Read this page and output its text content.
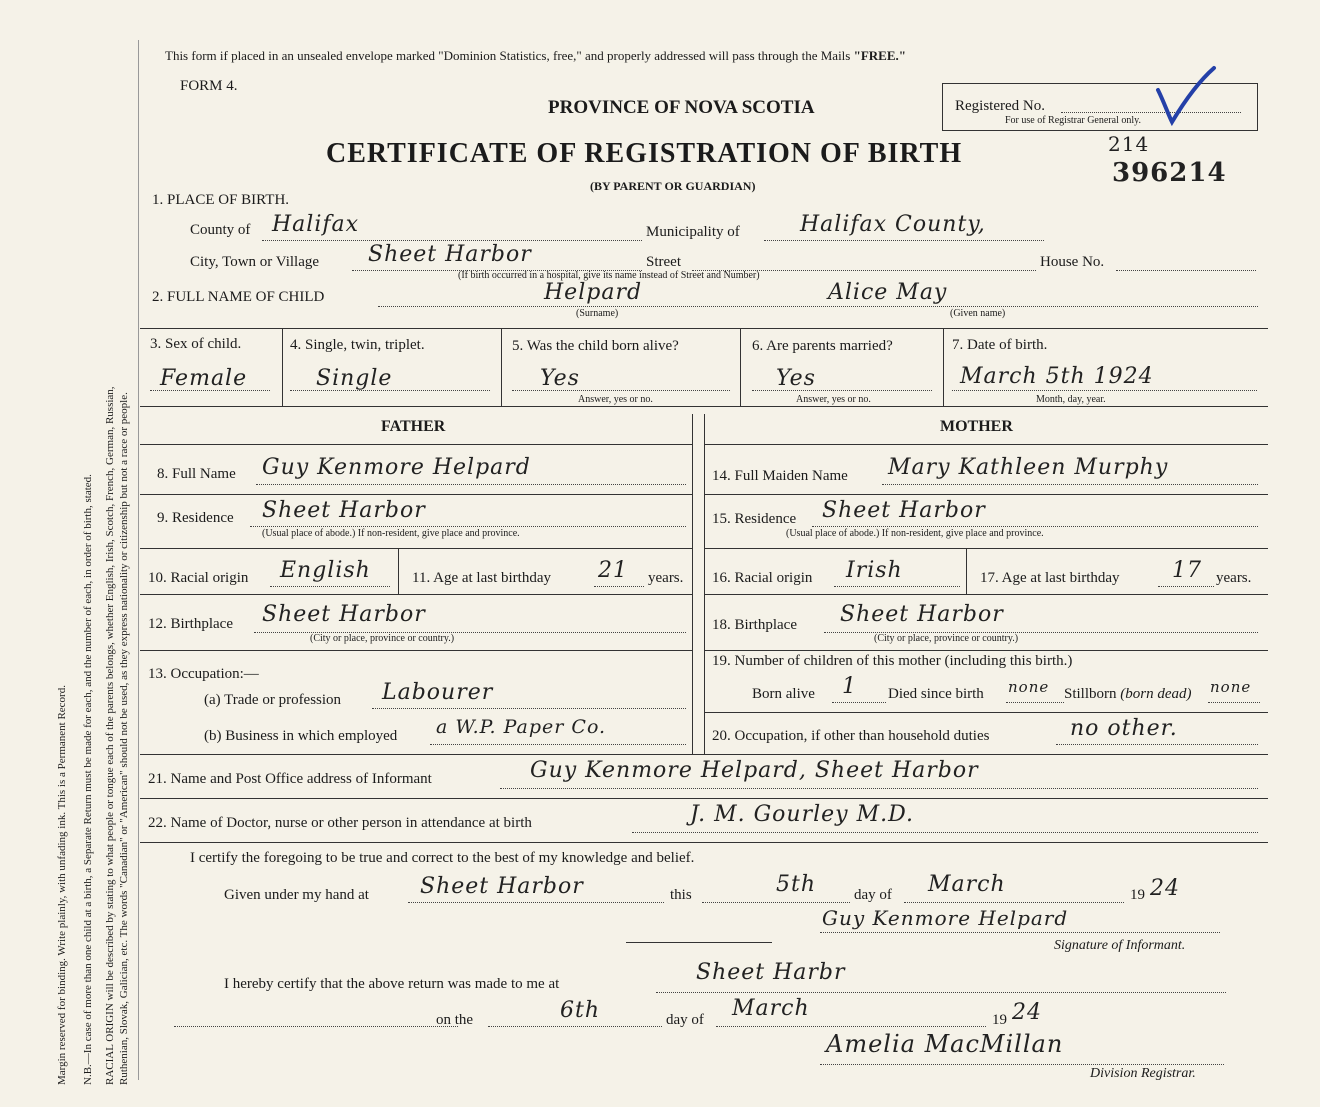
Margin reserved for binding. Write plainly, with unfading ink. This is a Permanent Record. N.B.—In case of more than one child at a birth, a Separate Return must be made for each, and the number of each, in order of birth, stated. RACIAL ORIGIN will be described by stating to what people or tongue each of the parents belongs, whether English, Irish, Scotch, French, German, Russian, Ruthenian, Slovak, Galician, etc. The words "Canadian" or "American" should not be used, as they express nationality or citizenship but not a race or people.
This form if placed in an unsealed envelope marked "Dominion Statistics, free," and properly addressed will pass through the Mails "FREE."
FORM 4.
PROVINCE OF NOVA SCOTIA
CERTIFICATE OF REGISTRATION OF BIRTH
(BY PARENT OR GUARDIAN)
Registered No.
For use of Registrar General only.
214
396214
1. PLACE OF BIRTH.
County of Halifax	Municipality of	Halifax County,
City, Town or Village Sheet Harbor	Street	House No.
(If birth occurred in a hospital, give its name instead of Street and Number)
2. FULL NAME OF CHILD	Helpard
(Surname)
Alice May
(Given name)
3. Sex of child.
Female
4. Single, twin, triplet.
Single
5. Was the child born alive?
Yes
Answer, yes or no.
6. Are parents married?
Yes
Answer, yes or no.
7. Date of birth.
March 5th 1924
Month, day, year.
FATHER	MOTHER
8. Full Name Guy Kenmore Helpard
9. Residence Sheet Harbor
(Usual place of abode.) If non-resident, give place and province.
10. Racial origin English	11. Age at last birthday 21 years.
12. Birthplace Sheet Harbor
(City or place, province or country.)
13. Occupation:—
(a) Trade or profession Labourer
(b) Business in which employed a W.P. Paper Co.
14. Full Maiden Name Mary Kathleen Murphy
15. Residence Sheet Harbor
(Usual place of abode.) If non-resident, give place and province.
16. Racial origin Irish	17. Age at last birthday 17 years.
18. Birthplace Sheet Harbor
(City or place, province or country.)
19. Number of children of this mother (including this birth.)
Born alive 1 Died since birth none Stillborn (born dead) none
20. Occupation, if other than household duties	no other.
21. Name and Post Office address of Informant	Guy Kenmore Helpard, Sheet Harbor
22. Name of Doctor, nurse or other person in attendance at birth	J. M. Gourley M.D.
I certify the foregoing to be true and correct to the best of my knowledge and belief.
Given under my hand at Sheet Harbor	this	5th	day of March	19 24
Guy Kenmore Helpard
Signature of Informant.
I hereby certify that the above return was made to me at	Sheet Harbr
on the	6th	day of March	19 24
Amelia MacMillan
Division Registrar.
